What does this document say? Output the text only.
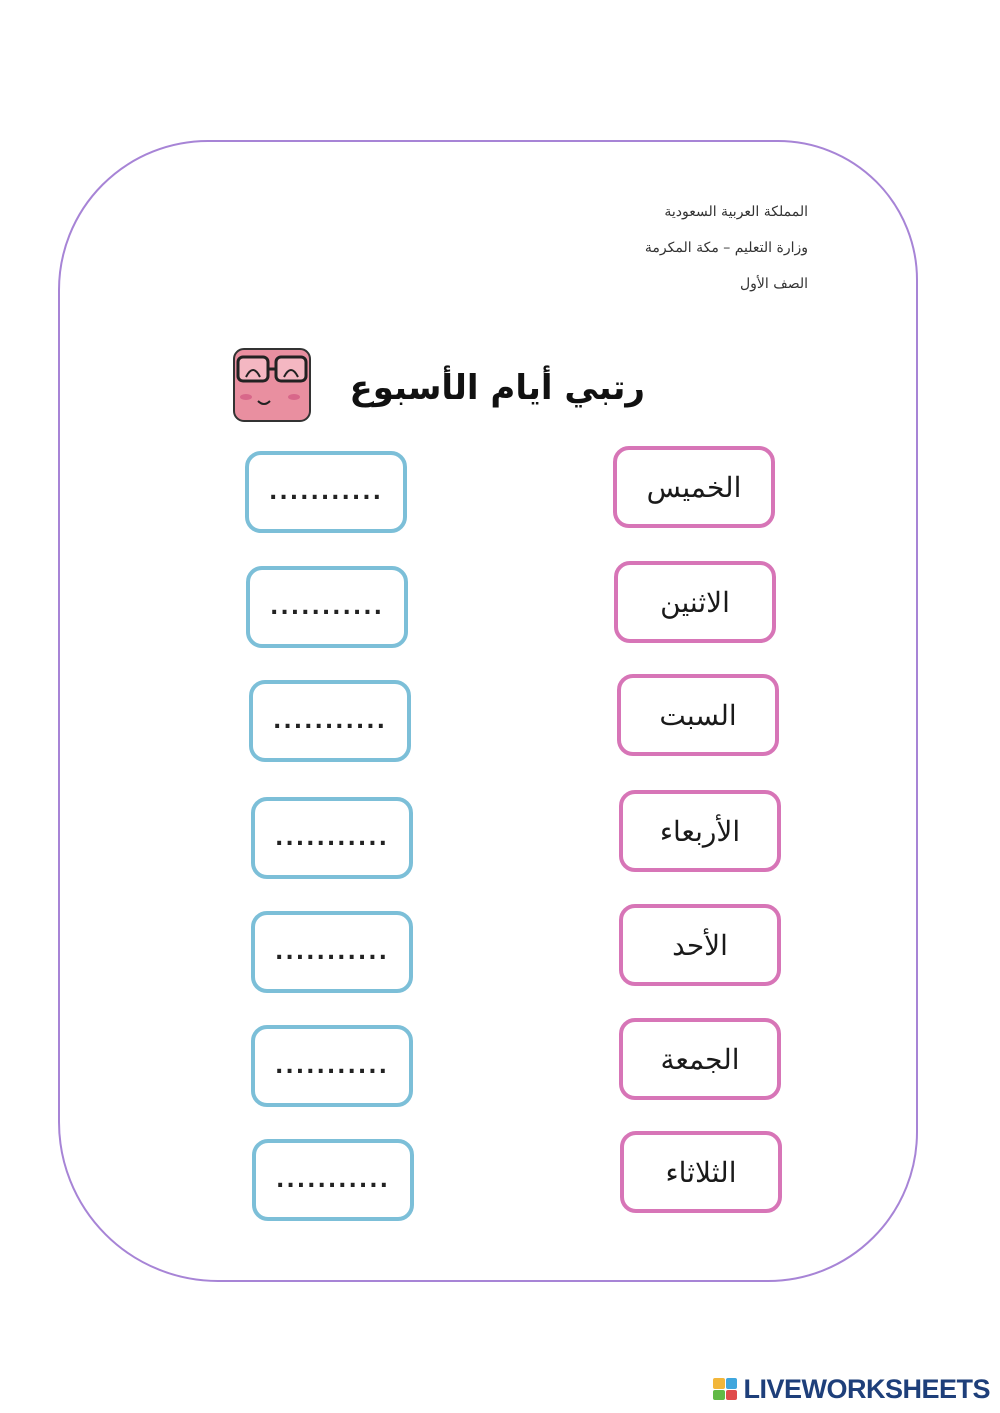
المملكة العربية السعودية
وزارة التعليم – مكة المكرمة
الصف الأول
رتبي أيام الأسبوع
الخميس
الاثنين
السبت
الأربعاء
الأحد
الجمعة
الثلاثاء
...........
...........
...........
...........
...........
...........
...........
LIVEWORKSHEETS
